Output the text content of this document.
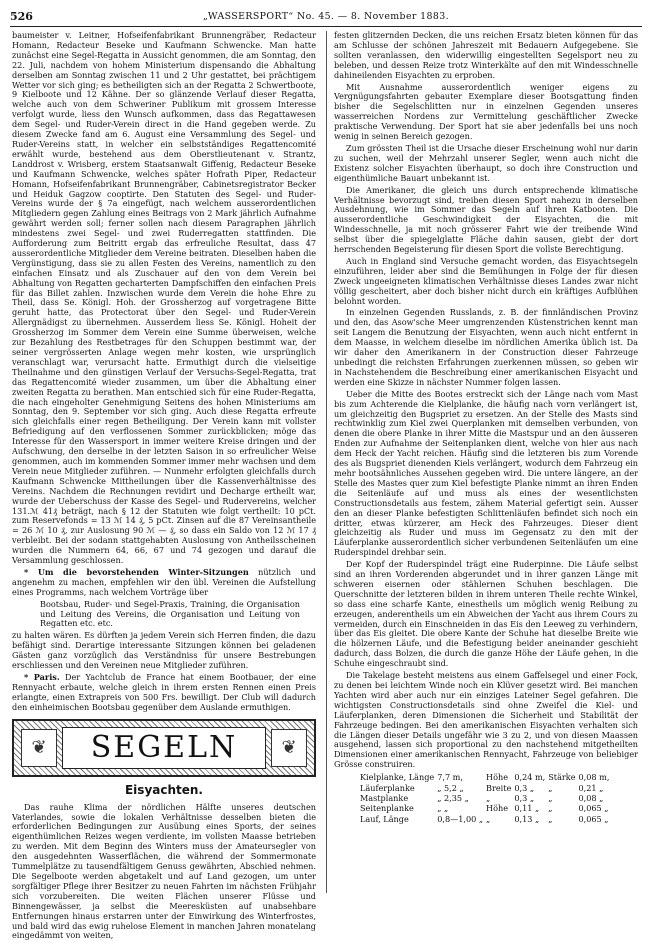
526	„WASSERSPORT“ No. 45. — 8. November 1883.

baumeister v. Leitner, Hofseifenfabrikant Brunnengräber, Redacteur Homann, Redacteur Beseke und Kaufmann Schwencke. Man hatte zunächst eine Segel-Regatta in Aussicht genommen, die am Sonntag, den 22. Juli, nachdem von hohem Ministerium dispensando die Abhaltung derselben am Sonntag zwischen 11 und 2 Uhr gestattet, bei prächtigem Wetter vor sich ging; es betheiligten sich an der Regatta 2 Schwertboote, 9 Kielboote und 12 Kähne. Der so glänzende Verlauf dieser Regatta, welche auch von dem Schweriner Publikum mit grossem Interesse verfolgt wurde, liess den Wunsch aufkommen, dass das Regattawesen dem Segel- und Ruder-Verein direct in die Hand gegeben werde. Zu diesem Zwecke fand am 6. August eine Versammlung des Segel- und Ruder-Vereins statt, in welcher ein selbstständiges Regattencomité erwählt wurde, bestehend aus dem Oberstlieutenant v. Strantz, Landdrost v. Wrisberg, erstem Staatsanwalt Giffenig, Redacteur Beseke und Kaufmann Schwencke, welches später Hofrath Piper, Redacteur Homann, Hofseifenfabrikant Brunnengräber, Cabinetsregistrator Becker und Heiduk Gagzow cooptirte. Den Statuten des Segel- und Ruder-Vereins wurde der § 7a eingefügt, nach welchem ausserordentlichen Mitgliedern gegen Zahlung eines Beitrags von 2 Mark jährlich Aufnahme gewährt werden soll; ferner sollen nach diesem Paragraphen jährlich mindestens zwei Segel- und zwei Ruderregatten stattfinden. Die Aufforderung zum Beitritt ergab das erfreuliche Resultat, dass 47 ausserordentliche Mitglieder dem Vereine beitraten. Dieselben haben die Vergünstigung, dass sie zu allen Festen des Vereins, namentlich zu den einfachen Einsatz und als Zuschauer auf den von dem Verein bei Abhaltung von Regatten gecharterten Dampfschiffen den einfachen Preis für das Billet zahlen. Inzwischen wurde dem Verein die hohe Ehre zu Theil, dass Se. Königl. Hoh. der Grossherzog auf vorgetragene Bitte geruht hatte, das Protectorat über den Segel- und Ruder-Verein Allergnädigst zu übernehmen. Ausserdem liess Se. Königl. Hoheit der Grossherzog im Sommer dem Verein eine Summe überweisen, welche zur Bezahlung des Restbetrages für den Schuppen bestimmt war, der seiner vergrösserten Anlage wegen mehr kosten, wie ursprünglich veranschlagt war, verursacht hatte. Ermuthigt durch die vielseitige Theilnahme und den günstigen Verlauf der Versuchs-Segel-Regatta, trat das Regattencomité wieder zusammen, um über die Abhaltung einer zweiten Regatta zu berathen. Man entschied sich für eine Ruder-Regatta, die nach eingeholter Genehmigung Seitens des hohen Ministeriums am Sonntag, den 9. September vor sich ging. Auch diese Regatta erfreute sich gleichfalls einer regen Betheiligung. Der Verein kann mit vollster Befriedigung auf den verflossenen Sommer zurückblicken; möge das Interesse für den Wassersport in immer weitere Kreise dringen und der Aufschwung, den derselbe in der letzten Saison in so erfreulicher Weise genommen, auch im kommenden Sommer immer mehr wachsen und dem Verein neue Mitglieder zuführen. — Nunmehr erfolgten gleichfalls durch Kaufmann Schwencke Mittheilungen über die Kassenverhältnisse des Vereins. Nachdem die Rechnungen revidirt und Decharge ertheilt war, wurde der Ueberschuss der Kasse des Segel- und Rudervereins, welcher 131.ℳ 41₰ beträgt, nach § 12 der Statuten wie folgt vertheilt: 10 pCt. zum Reservefonds = 13 ℳ 14 ₰, 5 pCt. Zinsen auf die 87 Vereinsantheile = 26 ℳ 10 ₰, zur Auslosung 90 ℳ — ₰, so dass ein Saldo von 12 ℳ 17 ₰ verbleibt. Bei der sodann stattgehabten Auslosung von Antheilsscheinen wurden die Nummern 64, 66, 67 und 74 gezogen und darauf die Versammlung geschlossen.

* Um die bevorstehenden Winter-Sitzungen nützlich und angenehm zu machen, empfehlen wir den übl. Vereinen die Aufstellung eines Programms, nach welchem Vorträge über

Bootsbau, Ruder- und Segel-Praxis, Training, die Organisation und Leitung des Vereins, die Organisation und Leitung von Regatten etc. etc.

zu halten wären. Es dürften ja jedem Verein sich Herren finden, die dazu befähigt sind. Derartige interessante Sitzungen können bei geladenen Gästen ganz vorzüglich das Verständniss für unsere Bestrebungen erschliessen und den Vereinen neue Mitglieder zuführen.

* Paris. Der Yachtclub de France hat einem Bootbauer, der eine Rennyacht erbaute, welche gleich in ihrem ersten Rennen einen Preis erlangte, einen Extrapreis von 500 Frs. bewilligt. Der Club will dadurch den einheimischen Bootsbau gegenüber dem Auslande ermuthigen.

❦
SEGELN
❦
Eisyachten.

Das rauhe Klima der nördlichen Hälfte unseres deutschen Vaterlandes, sowie die lokalen Verhältnisse desselben bieten die erforderlichen Bedingungen zur Ausübung eines Sports, der seines eigenthümlichen Reizes wegen verdiente, im vollsten Maasse betrieben zu werden. Mit dem Beginn des Winters muss der Amateursegler von den ausgedehnten Wasserflächen, die während der Sommermonate Tummelplätze zu tausendfältigem Genuss gewährten, Abschied nehmen. Die Segelboote werden abgetakelt und auf Land gezogen, um unter sorgfältiger Pflege ihrer Besitzer zu neuen Fahrten im nächsten Frühjahr sich vorzubereiten. Die weiten Flächen unserer Flüsse und Binnengewässer, ja selbst die Meeresküsten auf unabsehbare Entfernungen hinaus erstarren unter der Einwirkung des Winterfrostes, und bald wird das ewig ruhelose Element in manchen Jahren monatelang eingedämmt von weiten,

festen glitzernden Decken, die uns reichen Ersatz bieten können für das am Schlusse der schönen Jahreszeit mit Bedauern Aufgegebene. Sie sollten veranlassen, den widerwillig eingestellten Segelsport neu zu beleben, und dessen Reize trotz Winterkälte auf den mit Windesschnelle dahineilenden Eisyachten zu erproben.

Mit Ausnahme ausserordentlich weniger eigens zu Vergnügungsfahrten gebauter Exemplare dieser Bootsgattung finden bisher die Segelschlitten nur in einzelnen Gegenden unseres wasserreichen Nordens zur Vermittelung geschäftlicher Zwecke praktische Verwendung. Der Sport hat sie aber jedenfalls bei uns noch wenig in seinen Bereich gezogen.

Zum grössten Theil ist die Ursache dieser Erscheinung wohl nur darin zu suchen, weil der Mehrzahl unserer Segler, wenn auch nicht die Existenz solcher Eisyachten überhaupt, so doch ihre Construction und eigenthümliche Bauart unbekannt ist.

Die Amerikaner, die gleich uns durch entsprechende klimatische Verhältnisse bevorzugt sind, treiben diesen Sport nahezu in derselben Ausdehnung, wie im Sommer das Segeln auf ihren Katbooten. Die ausserordentliche Geschwindigkeit der Eisyachten, die mit Windesschnelle, ja mit noch grösserer Fahrt wie der treibende Wind selbst über die spiegelglatte Fläche dahin sausen, giebt der dort herrschenden Begeisterung für diesen Sport die vollste Berechtigung.

Auch in England sind Versuche gemacht worden, das Eisyachtsegeln einzuführen, leider aber sind die Bemühungen in Folge der für diesen Zweck ungeeigneten klimatischen Verhältnisse dieses Landes zwar nicht völlig gescheitert, aber doch bisher nicht durch ein kräftiges Aufblühen belohnt worden.

In einzelnen Gegenden Russlands, z. B. der finnländischen Provinz und den, das Asow'sche Meer umgrenzenden Küstenstrichen kennt man seit Langem die Benutzung der Eisyachten, wenn auch nicht entfernt in dem Maasse, in welchem dieselbe im nördlichen Amerika üblich ist. Da wir daher den Amerikanern in der Construction dieser Fahrzeuge unbedingt die reichsten Erfahrungen zuerkennen müssen, so geben wir in Nachstehendem die Beschreibung einer amerikanischen Eisyacht und werden eine Skizze in nächster Nummer folgen lassen.

Ueber die Mitte des Bootes erstreckt sich der Länge nach vom Mast bis zum Achterende die Kielplanke, die häufig nach vorn verlängert ist, um gleichzeitig den Bugspriet zu ersetzen. An der Stelle des Masts sind rechtwinklig zum Kiel zwei Querplanken mit demselben verbunden, von denen die obere Planke in ihrer Mitte die Mastspur und an den äusseren Enden zur Aufnahme der Seitenplanken dient, welche von hier aus nach dem Heck der Yacht reichen. Häufig sind die letzteren bis zum Vorende des als Bugspriet dienenden Kiels verlängert, wodurch dem Fahrzeug ein mehr bootsähnliches Aussehen gegeben wird. Die untere längere, an der Stelle des Mastes quer zum Kiel befestigte Planke nimmt an ihren Enden die Seitenläufe auf und muss als eines der wesentlichsten Constructionsdetails aus festem, zähem Material gefertigt sein. Ausser den an dieser Planke befestigten Schlittenläufen befindet sich noch ein dritter, etwas kürzerer, am Heck des Fahrzeuges. Dieser dient gleichzeitig als Ruder und muss im Gegensatz zu den mit der Läuferplanke ausserordentlich sicher verbundenen Seitenläufen um eine Ruderspindel drehbar sein.

Der Kopf der Ruderspindel trägt eine Ruderpinne. Die Läufe selbst sind an ihren Vorderenden abgerundet und in ihrer ganzen Länge mit schweren eisernen oder stählernen Schuhen beschlagen. Die Querschnitte der letzteren bilden in ihrem unteren Theile rechte Winkel, so dass eine scharfe Kante, einestheils um möglich wenig Reibung zu erzeugen, anderentheils um ein Abweichen der Yacht aus ihrem Cours zu vermeiden, durch ein Einschneiden in das Eis den Leeweg zu verhindern, über das Eis gleitet. Die obere Kante der Schuhe hat dieselbe Breite wie die hölzernen Läufe, und die Befestigung beider aneinander geschieht dadurch, dass Bolzen, die durch die ganze Höhe der Läufe gehen, in die Schuhe eingeschraubt sind.

Die Takelage besteht meistens aus einem Gaffelsegel und einer Fock, zu denen bei leichtem Winde noch ein Klüver gesetzt wird. Bei manchen Yachten wird aber auch nur ein einziges Lateiner Segel gefahren. Die wichtigsten Constructionsdetails sind ohne Zweifel die Kiel- und Läuferplanken, deren Dimensionen die Sicherheit und Stabilität der Fahrzeuge bedingen. Bei den amerikanischen Eisyachten verhalten sich die Längen dieser Details ungefähr wie 3 zu 2, und von diesen Maassen ausgehend, lassen sich proportional zu den nachstehend mitgetheilten Dimensionen einer amerikanischen Rennyacht, Fahrzeuge von beliebiger Grösse construiren.

Kielplanke, Länge	7,7 m,	Höhe	0,24 m,	Stärke	0,08 m,
Läuferplanke	„ 5,2 „	Breite	0,3 „	„	0,21 „
Mastplanke	„ 2,35 „	„	0,3 „	„	0,08 „
Seitenplanke	„ „	Höhe	0,11 „	„	0,065 „
Lauf, Länge	0,8—1,00 „	„	0,13 „	„	0,065 „
